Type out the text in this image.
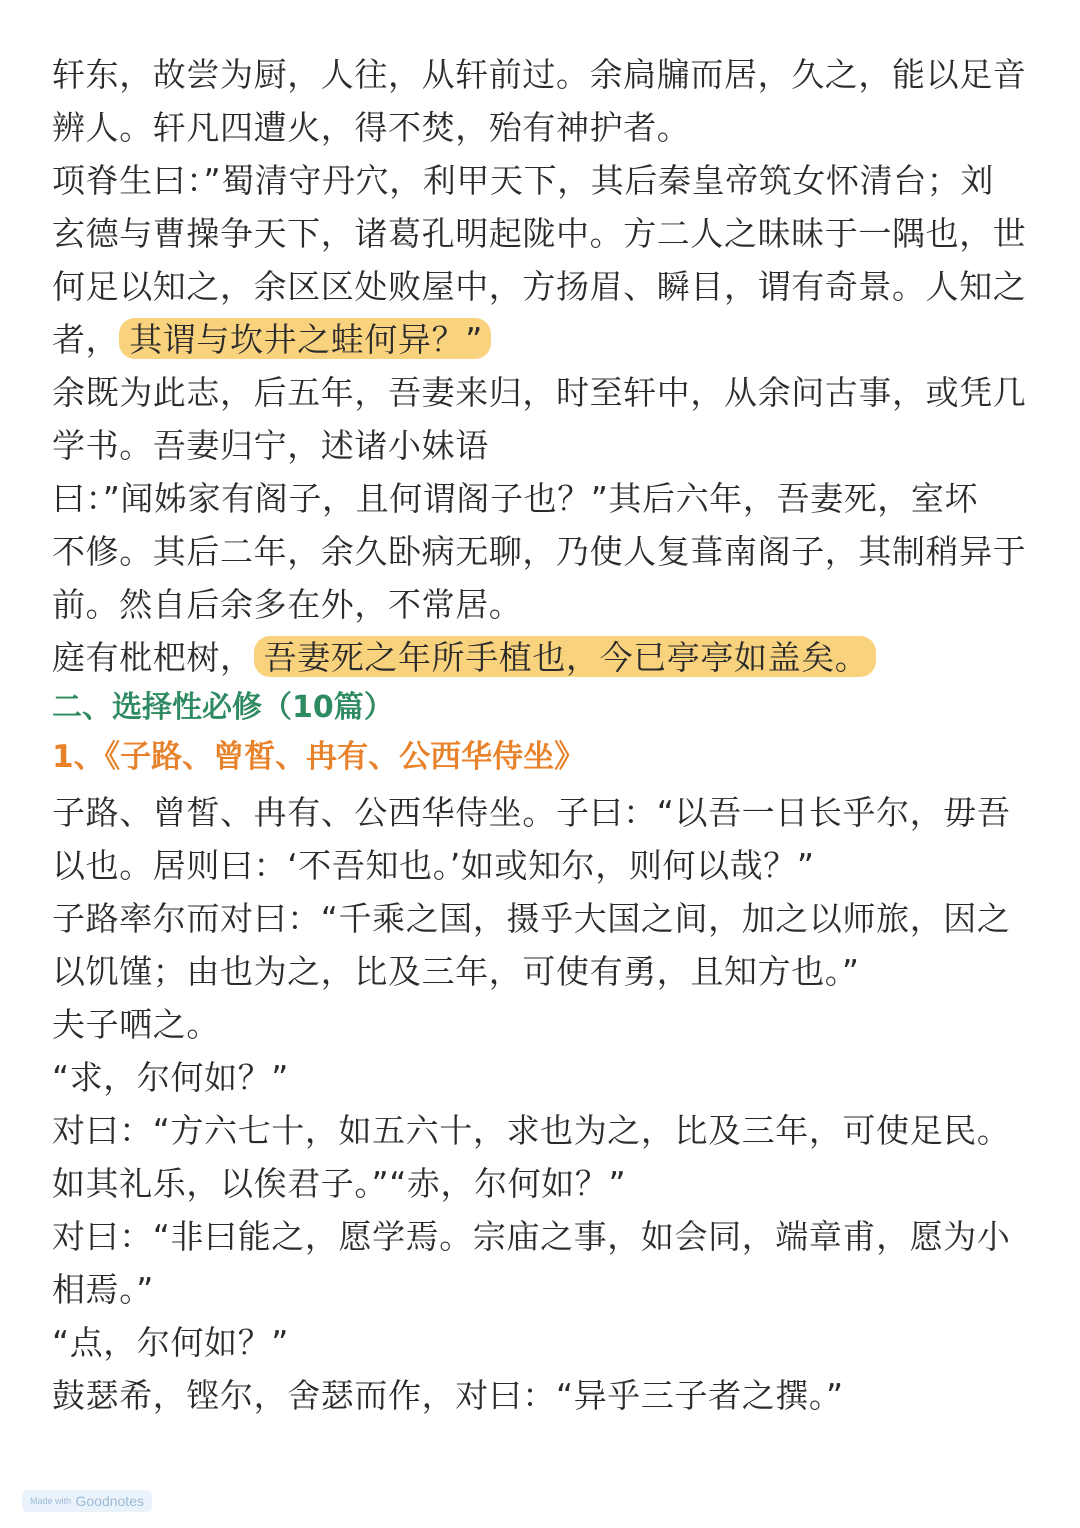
轩东，故尝为厨，人往，从轩前过。余扃牖而居，久之，能以足音
辨人。轩凡四遭火，得不焚，殆有神护者。
项脊生曰：”蜀清守丹穴，利甲天下，其后秦皇帝筑女怀清台；刘
玄德与曹操争天下，诸葛孔明起陇中。方二人之昧昧于一隅也，世
何足以知之，余区区处败屋中，方扬眉、瞬目，谓有奇景。人知之
者， 其谓与坎井之蛙何异？”
余既为此志，后五年，吾妻来归，时至轩中，从余问古事，或凭几
学书。吾妻归宁，述诸小妹语
曰：”闻姊家有阁子，且何谓阁子也？”其后六年，吾妻死，室坏
不修。其后二年，余久卧病无聊，乃使人复葺南阁子，其制稍异于
前。然自后余多在外，不常居。
庭有枇杷树， 吾妻死之年所手植也，今已亭亭如盖矣。
二、选择性必修（10篇）
1、《子路、曾皙、冉有、公西华侍坐》
子路、曾皙、冉有、公西华侍坐。子曰：“以吾一日长乎尔，毋吾
以也。居则曰：‘不吾知也。’如或知尔，则何以哉？”
子路率尔而对曰：“千乘之国，摄乎大国之间，加之以师旅，因之
以饥馑；由也为之，比及三年，可使有勇，且知方也。”
夫子哂之。
“求，尔何如？”
对曰：“方六七十，如五六十，求也为之，比及三年，可使足民。
如其礼乐，以俟君子。”“赤，尔何如？”
对曰：“非曰能之，愿学焉。宗庙之事，如会同，端章甫，愿为小
相焉。”
“点，尔何如？”
鼓瑟希，铿尔，舍瑟而作，对曰：“异乎三子者之撰。”
Made with Goodnotes
